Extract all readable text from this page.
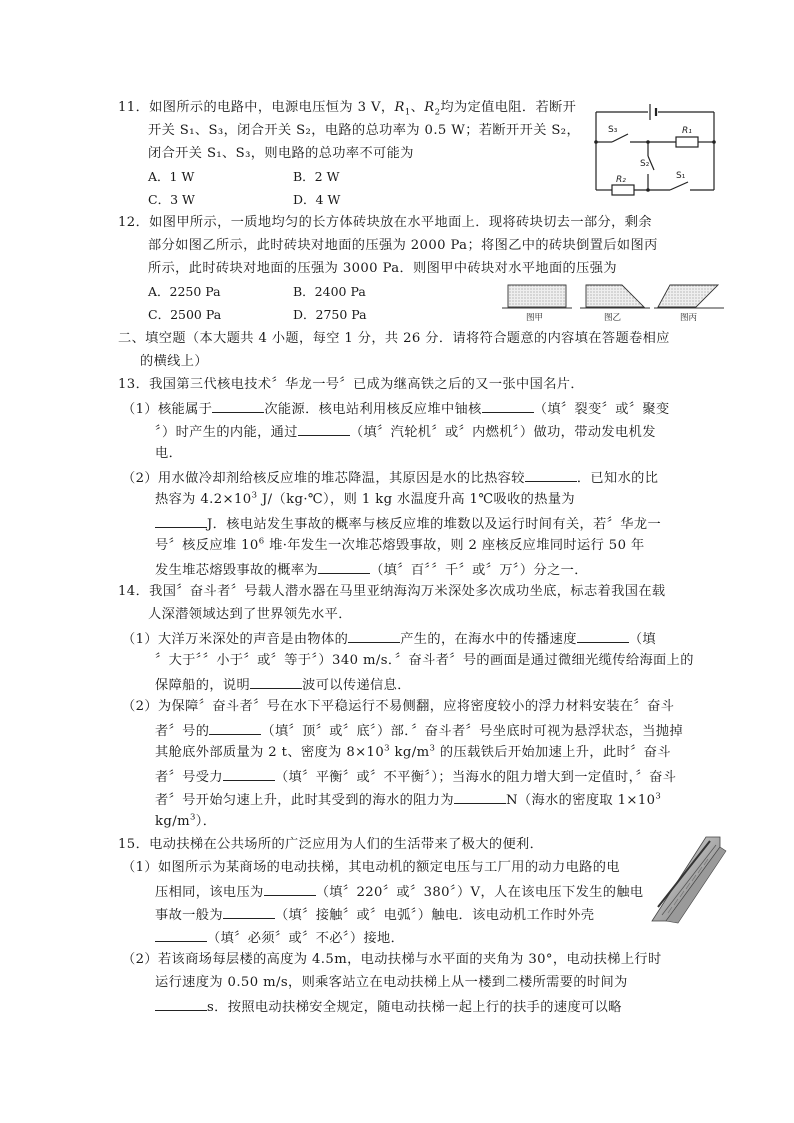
11．如图所示的电路中，电源电压恒为 3 V，$R_1$、$R_2$均为定值电阻．若断开
开关 S₁、S₃，闭合开关 S₂，电路的总功率为 0.5 W；若断开开关 S₂，
闭合开关 S₁、S₃，则电路的总功率不可能为
A．1 W	B．2 W
C．3 W	D．4 W
S₃	R₁
S₂
R₂	S₁
12．如图甲所示，一质地均匀的长方体砖块放在水平地面上．现将砖块切去一部分，剩余
部分如图乙所示，此时砖块对地面的压强为 2000 Pa；将图乙中的砖块倒置后如图丙
所示，此时砖块对地面的压强为 3000 Pa．则图甲中砖块对水平地面的压强为
A．2250 Pa	B．2400 Pa
C．2500 Pa	D．2750 Pa	图甲	图乙	图丙
二、填空题（本大题共 4 小题，每空 1 分，共 26 分．请将符合题意的内容填在答题卷相应
的横线上）
13．我国第三代核电技术〞华龙一号〞已成为继高铁之后的又一张中国名片．
（1）核能属于	次能源．核电站利用核反应堆中铀核	（填〞裂变〞或〞聚变
〞）时产生的内能，通过	（填〞汽轮机〞或〞内燃机〞）做功，带动发电机发
电．
（2）用水做冷却剂给核反应堆的堆芯降温，其原因是水的比热容较	．已知水的比
热容为 $4.2\times 10^3$ J/（kg·℃），则 1 kg 水温度升高 1℃吸收的热量为
J．核电站发生事故的概率与核反应堆的堆数以及运行时间有关，若〞华龙一
号〞核反应堆 $10^6$ 堆·年发生一次堆芯熔毁事故，则 2 座核反应堆同时运行 50 年
发生堆芯熔毁事故的概率为	（填〞百〞〞千〞或〞万〞）分之一．
14．我国〞奋斗者〞号载人潜水器在马里亚纳海沟万米深处多次成功坐底，标志着我国在载
人深潜领域达到了世界领先水平．
（1）大洋万米深处的声音是由物体的	产生的，在海水中的传播速度	（填
〞大于〞〞小于〞或〞等于〞）340 m/s．〞奋斗者〞号的画面是通过微细光缆传给海面上的
保障船的，说明	波可以传递信息．
（2）为保障〞奋斗者〞号在水下平稳运行不易侧翻，应将密度较小的浮力材料安装在〞奋斗
者〞号的	（填〞顶〞或〞底〞）部．〞奋斗者〞号坐底时可视为悬浮状态，当抛掉
其舱底外部质量为 2 t、密度为 $8\times 10^3$ $kg/m^3$ 的压载铁后开始加速上升，此时〞奋斗
者〞号受力	（填〞平衡〞或〞不平衡〞）；当海水的阻力增大到一定值时，〞奋斗
者〞号开始匀速上升，此时其受到的海水的阻力为	N（海水的密度取 $1\times 10^3$
$kg/m^3$）．
15．电动扶梯在公共场所的广泛应用为人们的生活带来了极大的便利．
（1）如图所示为某商场的电动扶梯，其电动机的额定电压与工厂用的动力电路的电
压相同，该电压为	（填〞220〞或〞380〞）V，人在该电压下发生的触电
事故一般为	（填〞接触〞或〞电弧〞）触电．该电动机工作时外壳
（填〞必须〞或〞不必〞）接地．
（2）若该商场每层楼的高度为 4.5m，电动扶梯与水平面的夹角为 30°，电动扶梯上行时
运行速度为 0.50 m/s，则乘客站立在电动扶梯上从一楼到二楼所需要的时间为
s．按照电动扶梯安全规定，随电动扶梯一起上行的扶手的速度可以略
